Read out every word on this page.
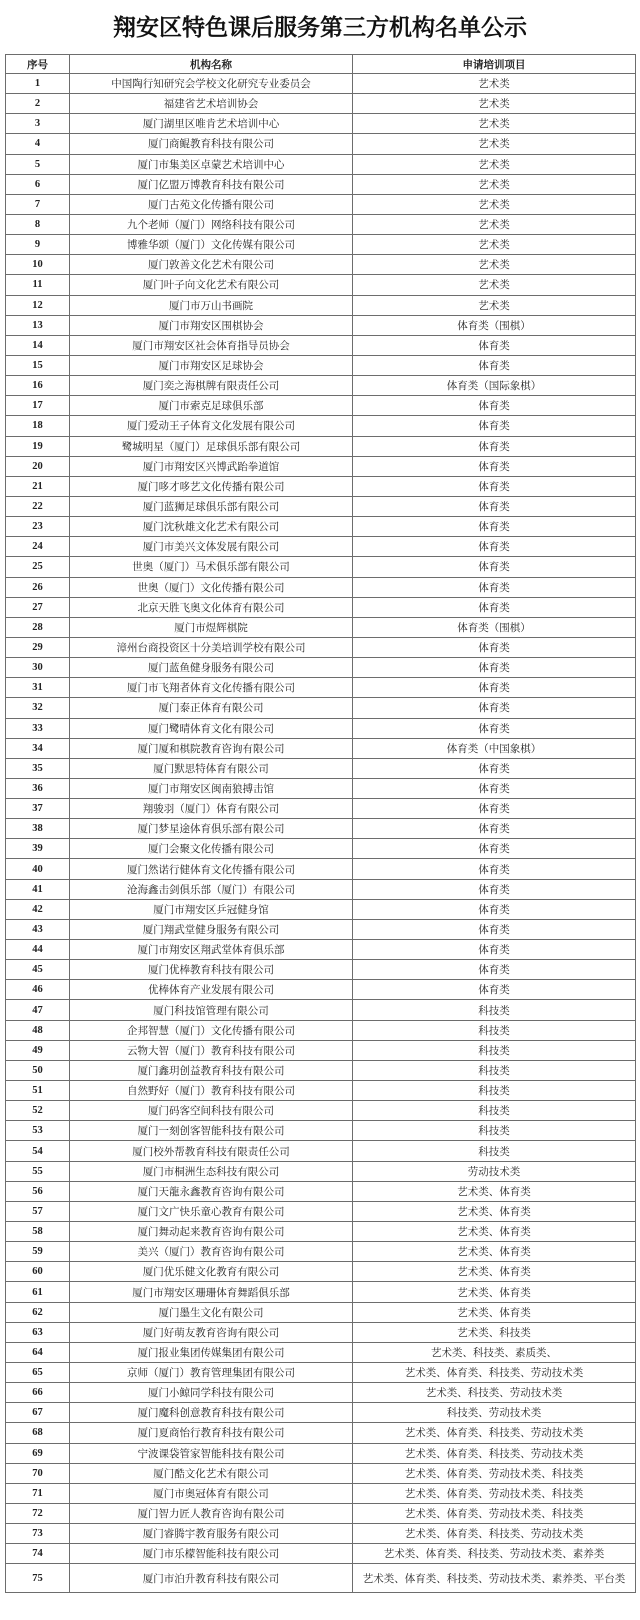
翔安区特色课后服务第三方机构名单公示
序号	机构名称	申请培训项目
1	中国陶行知研究会学校文化研究专业委员会	艺术类
2	福建省艺术培训协会	艺术类
3	厦门湖里区唯肯艺术培训中心	艺术类
4	厦门商鲲教育科技有限公司	艺术类
5	厦门市集美区卓蒙艺术培训中心	艺术类
6	厦门亿盟万博教育科技有限公司	艺术类
7	厦门古苑文化传播有限公司	艺术类
8	九个老师（厦门）网络科技有限公司	艺术类
9	博雅华颂（厦门）文化传媒有限公司	艺术类
10	厦门敦善文化艺术有限公司	艺术类
11	厦门叶子向文化艺术有限公司	艺术类
12	厦门市万山书画院	艺术类
13	厦门市翔安区围棋协会	体育类（围棋）
14	厦门市翔安区社会体育指导员协会	体育类
15	厦门市翔安区足球协会	体育类
16	厦门奕之海棋牌有限责任公司	体育类（国际象棋）
17	厦门市索克足球俱乐部	体育类
18	厦门爱动王子体育文化发展有限公司	体育类
19	鹭城明星（厦门）足球俱乐部有限公司	体育类
20	厦门市翔安区兴博武跆拳道馆	体育类
21	厦门哆才哆艺文化传播有限公司	体育类
22	厦门蓝狮足球俱乐部有限公司	体育类
23	厦门沈秋雄文化艺术有限公司	体育类
24	厦门市美兴文体发展有限公司	体育类
25	世奥（厦门）马术俱乐部有限公司	体育类
26	世奥（厦门）文化传播有限公司	体育类
27	北京天胜飞奥文化体育有限公司	体育类
28	厦门市煜辉棋院	体育类（围棋）
29	漳州台商投资区十分美培训学校有限公司	体育类
30	厦门蓝鱼健身服务有限公司	体育类
31	厦门市飞翔者体育文化传播有限公司	体育类
32	厦门泰正体育有限公司	体育类
33	厦门鹭晴体育文化有限公司	体育类
34	厦门厦和棋院教育咨询有限公司	体育类（中国象棋）
35	厦门默思特体育有限公司	体育类
36	厦门市翔安区闽南狼搏击馆	体育类
37	翔骏羽（厦门）体育有限公司	体育类
38	厦门梦星途体育俱乐部有限公司	体育类
39	厦门会聚文化传播有限公司	体育类
40	厦门然诺行健体育文化传播有限公司	体育类
41	沧海鑫击剑俱乐部（厦门）有限公司	体育类
42	厦门市翔安区乒冠健身馆	体育类
43	厦门翔武堂健身服务有限公司	体育类
44	厦门市翔安区翔武堂体育俱乐部	体育类
45	厦门优棒教育科技有限公司	体育类
46	优棒体育产业发展有限公司	体育类
47	厦门科技馆管理有限公司	科技类
48	企邦智慧（厦门）文化传播有限公司	科技类
49	云物大智（厦门）教育科技有限公司	科技类
50	厦门鑫玥创益教育科技有限公司	科技类
51	自然野好（厦门）教育科技有限公司	科技类
52	厦门码客空间科技有限公司	科技类
53	厦门一刻创客智能科技有限公司	科技类
54	厦门校外帮教育科技有限责任公司	科技类
55	厦门市桐洲生态科技有限公司	劳动技术类
56	厦门天龍永鑫教育咨询有限公司	艺术类、体育类
57	厦门文广快乐童心教育有限公司	艺术类、体育类
58	厦门舞动起来教育咨询有限公司	艺术类、体育类
59	美兴（厦门）教育咨询有限公司	艺术类、体育类
60	厦门优乐健文化教育有限公司	艺术类、体育类
61	厦门市翔安区珊珊体育舞蹈俱乐部	艺术类、体育类
62	厦门墨生文化有限公司	艺术类、体育类
63	厦门好萌友教育咨询有限公司	艺术类、科技类
64	厦门报业集团传媒集团有限公司	艺术类、科技类、素质类、
65	京师（厦门）教育管理集团有限公司	艺术类、体育类、科技类、劳动技术类
66	厦门小鲸同学科技有限公司	艺术类、科技类、劳动技术类
67	厦门魔科创意教育科技有限公司	科技类、劳动技术类
68	厦门夏商怡行教育科技有限公司	艺术类、体育类、科技类、劳动技术类
69	宁波课袋管家智能科技有限公司	艺术类、体育类、科技类、劳动技术类
70	厦门酷文化艺术有限公司	艺术类、体育类、劳动技术类、科技类
71	厦门市奥冠体育有限公司	艺术类、体育类、劳动技术类、科技类
72	厦门智力匠人教育咨询有限公司	艺术类、体育类、劳动技术类、科技类
73	厦门睿腾宇教育服务有限公司	艺术类、体育类、科技类、劳动技术类
74	厦门市乐檬智能科技有限公司	艺术类、体育类、科技类、劳动技术类、素养类
75	厦门市泊升教育科技有限公司	艺术类、体育类、科技类、劳动技术类、素养类、平台类
